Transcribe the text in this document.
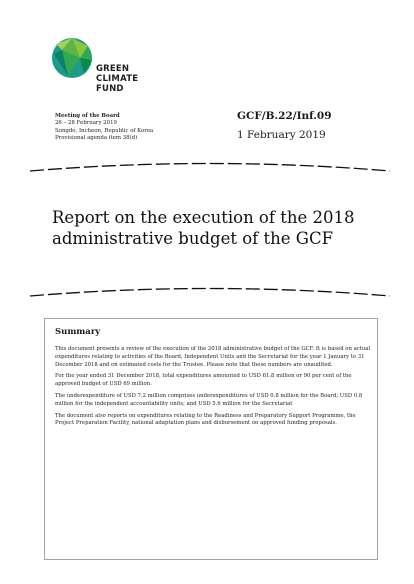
GREEN
CLIMATE
FUND
Meeting of the Board
26 – 28 February 2019
Songdo, Incheon, Republic of Korea
Provisional agenda item 38(d)
GCF/B.22/Inf.09
1 February 2019
Report on the execution of the 2018
administrative budget of the GCF
Summary

This document presents a review of the execution of the 2018 administrative budget of the GCF. It is based on actual expenditures relating to activities of the Board, Independent Units and the Secretariat for the year 1 January to 31 December 2018 and on estimated costs for the Trustee. Please note that these numbers are unaudited.

For the year ended 31 December 2018, total expenditures amounted to USD 61.8 million or 90 per cent of the approved budget of USD 69 million.

The underexpenditure of USD 7.2 million comprises underexpenditures of USD 0.8 million for the Board; USD 0.8 million for the independent accountability units; and USD 5.6 million for the Secretariat

The document also reports on expenditures relating to the Readiness and Preparatory Support Programme, the Project Preparation Facility, national adaptation plans and disbursement on approved funding proposals.
